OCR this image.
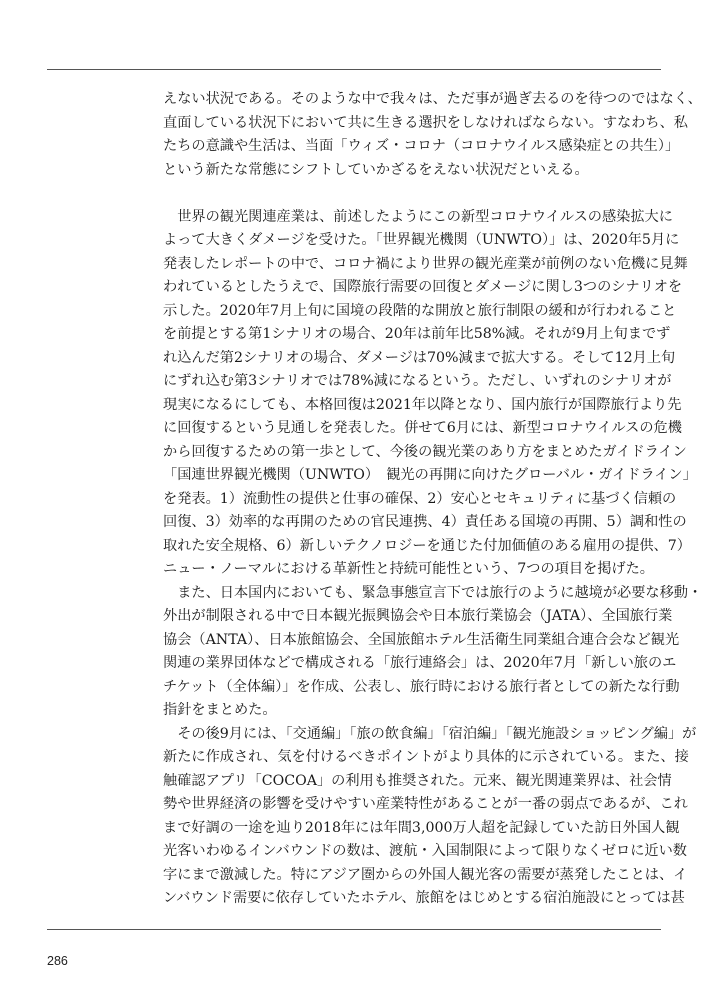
えない状況である。そのような中で我々は、ただ事が過ぎ去るのを待つのではなく、
直面している状況下において共に生きる選択をしなければならない。すなわち、私
たちの意識や生活は、当面「ウィズ・コロナ（コロナウイルス感染症との共生）」
という新たな常態にシフトしていかざるをえない状況だといえる。
　世界の観光関連産業は、前述したようにこの新型コロナウイルスの感染拡大に
よって大きくダメージを受けた。「世界観光機関（UNWTO）」は、2020年5月に
発表したレポートの中で、コロナ禍により世界の観光産業が前例のない危機に見舞
われているとしたうえで、国際旅行需要の回復とダメージに関し3つのシナリオを
示した。2020年7月上旬に国境の段階的な開放と旅行制限の緩和が行われること
を前提とする第1シナリオの場合、20年は前年比58%減。それが9月上旬までず
れ込んだ第2シナリオの場合、ダメージは70%減まで拡大する。そして12月上旬
にずれ込む第3シナリオでは78%減になるという。ただし、いずれのシナリオが
現実になるにしても、本格回復は2021年以降となり、国内旅行が国際旅行より先
に回復するという見通しを発表した。併せて6月には、新型コロナウイルスの危機
から回復するための第一歩として、今後の観光業のあり方をまとめたガイドライン
「国連世界観光機関（UNWTO）　観光の再開に向けたグローバル・ガイドライン」
を発表。1）流動性の提供と仕事の確保、2）安心とセキュリティに基づく信頼の
回復、3）効率的な再開のための官民連携、4）責任ある国境の再開、5）調和性の
取れた安全規格、6）新しいテクノロジーを通じた付加価値のある雇用の提供、7）
ニュー・ノーマルにおける革新性と持続可能性という、7つの項目を掲げた。
　また、日本国内においても、緊急事態宣言下では旅行のように越境が必要な移動・
外出が制限される中で日本観光振興協会や日本旅行業協会（JATA）、全国旅行業
協会（ANTA）、日本旅館協会、全国旅館ホテル生活衛生同業組合連合会など観光
関連の業界団体などで構成される「旅行連絡会」は、2020年7月「新しい旅のエ
チケット（全体編）」を作成、公表し、旅行時における旅行者としての新たな行動
指針をまとめた。
　その後9月には、「交通編」「旅の飲食編」「宿泊編」「観光施設ショッピング編」が
新たに作成され、気を付けるべきポイントがより具体的に示されている。また、接
触確認アプリ「COCOA」の利用も推奨された。元来、観光関連業界は、社会情
勢や世界経済の影響を受けやすい産業特性があることが一番の弱点であるが、これ
まで好調の一途を辿り2018年には年間3,000万人超を記録していた訪日外国人観
光客いわゆるインバウンドの数は、渡航・入国制限によって限りなくゼロに近い数
字にまで激減した。特にアジア圏からの外国人観光客の需要が蒸発したことは、イ
ンバウンド需要に依存していたホテル、旅館をはじめとする宿泊施設にとっては甚
286
